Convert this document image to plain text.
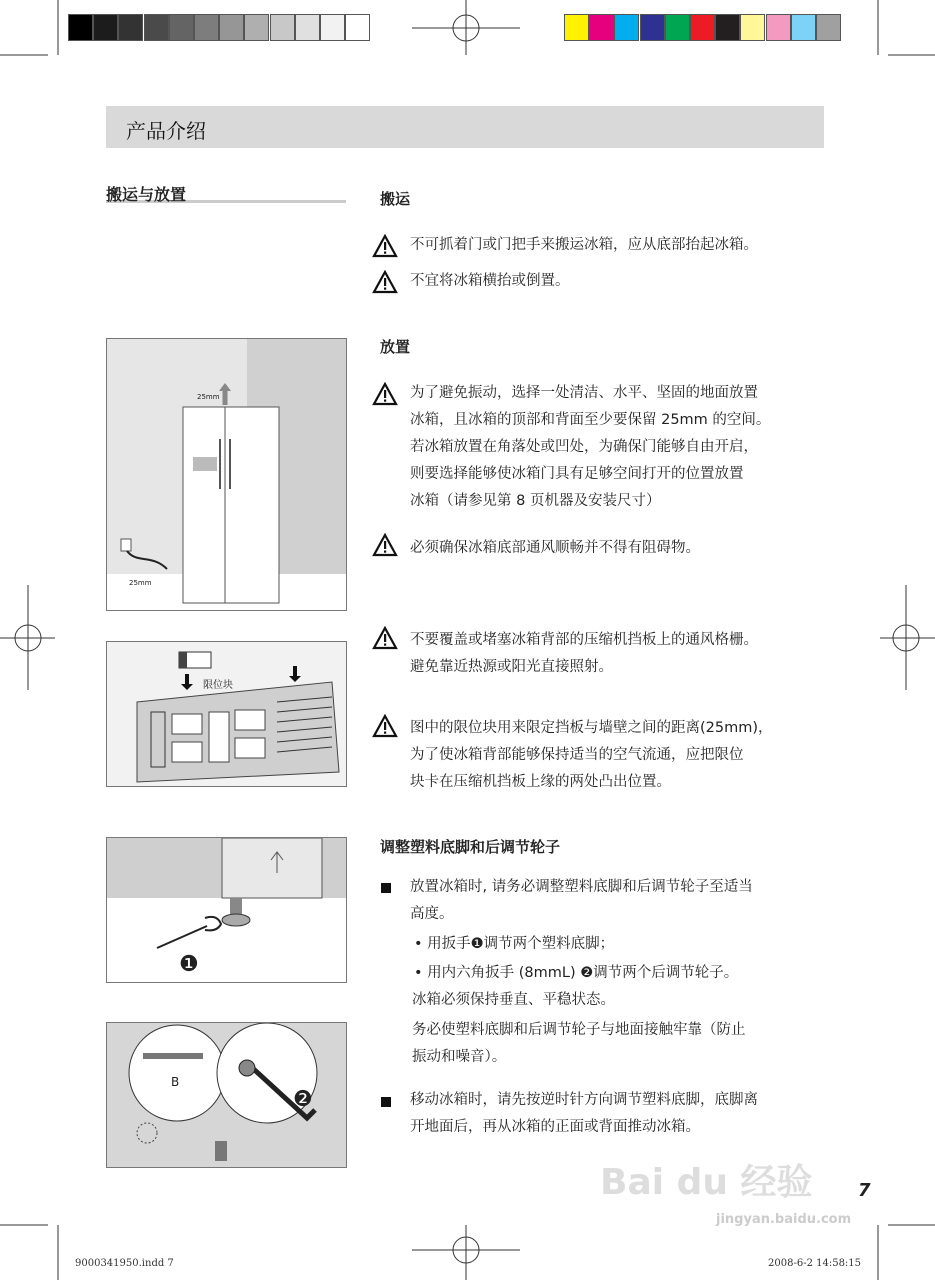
产品介绍
搬运与放置	搬运
不可抓着门或门把手来搬运冰箱，应从底部抬起冰箱。
不宜将冰箱横抬或倒置。
放置
为了避免振动，选择一处清洁、水平、坚固的地面放置
冰箱，且冰箱的顶部和背面至少要保留 25mm 的空间。
若冰箱放置在角落处或凹处，为确保门能够自由开启，
则要选择能够使冰箱门具有足够空间打开的位置放置
冰箱（请参见第 8 页机器及安装尺寸）
必须确保冰箱底部通风顺畅并不得有阻碍物。
不要覆盖或堵塞冰箱背部的压缩机挡板上的通风格栅。
避免靠近热源或阳光直接照射。
图中的限位块用来限定挡板与墙壁之间的距离(25mm)，
为了使冰箱背部能够保持适当的空气流通，应把限位
块卡在压缩机挡板上缘的两处凸出位置。
调整塑料底脚和后调节轮子
放置冰箱时, 请务必调整塑料底脚和后调节轮子至适当
高度。
• 用扳手❶调节两个塑料底脚；
• 用内六角扳手 (8mmL) ❷调节两个后调节轮子。
冰箱必须保持垂直、平稳状态。
务必使塑料底脚和后调节轮子与地面接触牢靠（防止
振动和噪音）。
移动冰箱时，请先按逆时针方向调节塑料底脚，底脚离
开地面后，再从冰箱的正面或背面推动冰箱。
25mm
25mm
限位块
❶
B
❷
Bai du 经验
jingyan.baidu.com
7
9000341950.indd 7	2008-6-2 14:58:15
